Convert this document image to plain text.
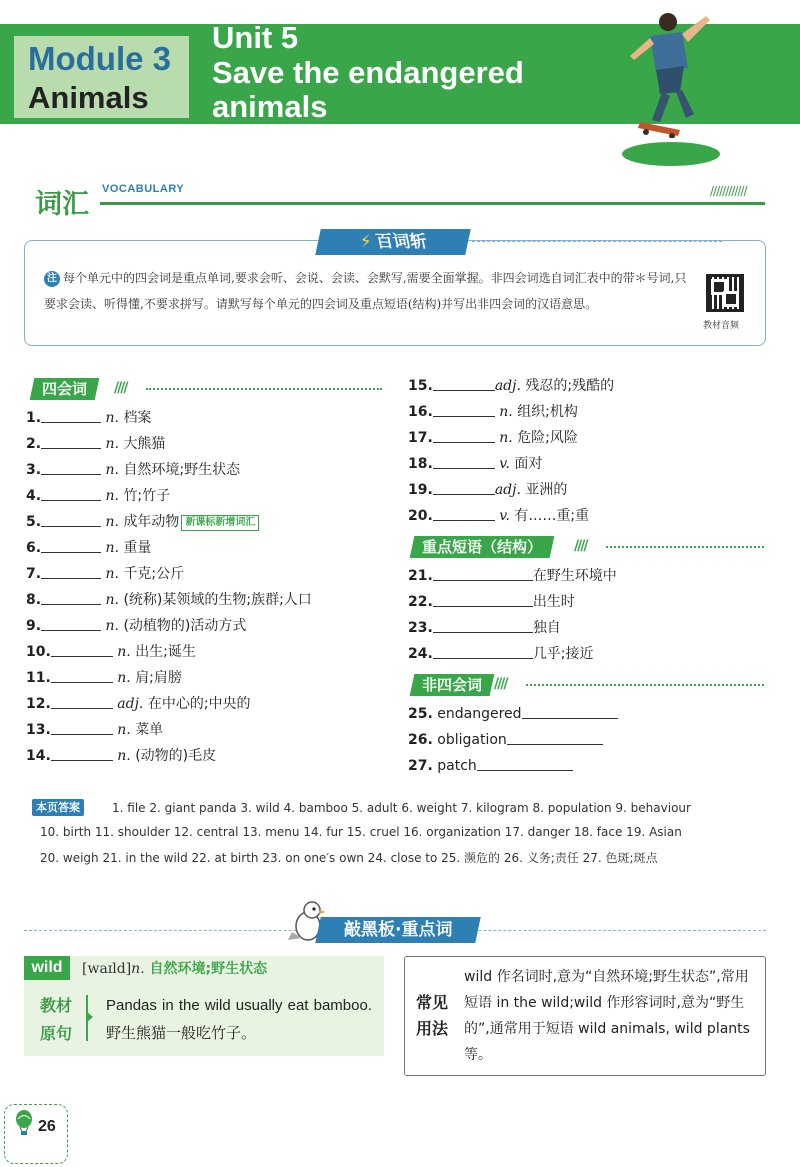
Module 3
Animals
Unit 5
Save the endangered animals
词汇 VOCABULARY	////////////
⚡百词斩
注 每个单元中的四会词是重点单词,要求会听、会说、会读、会默写,需要全面掌握。非四会词选自词汇表中的带＊号词,只要求会读、听得懂,不要求拼写。请默写每个单元的四会词及重点短语(结构)并写出非四会词的汉语意思。
教材音频
四会词	////
重点短语（结构）	////
非四会词 ////
1.	n. 档案
2.	n. 大熊猫
3.	n. 自然环境;野生状态
4.	n. 竹;竹子
5.	n. 成年动物 新课标新增词汇
6.	n. 重量
7.	n. 千克;公斤
8.	n. (统称)某领域的生物;族群;人口
9.	n. (动植物的)活动方式
10.	n. 出生;诞生
11.	n. 肩;肩膀
12.	adj. 在中心的;中央的
13.	n. 菜单
14.	n. (动物的)毛皮
15.	adj. 残忍的;残酷的
16.	n. 组织;机构
17.	n. 危险;风险
18.	v. 面对
19.	adj. 亚洲的
20.	v. 有……重;重
21.	在野生环境中
22.	出生时
23.	独自
24.	几乎;接近
25. endangered
26. obligation
27. patch
本页答案	1. file 2. giant panda 3. wild 4. bamboo 5. adult 6. weight 7. kilogram 8. population 9. behaviour
10. birth 11. shoulder 12. central 13. menu 14. fur 15. cruel 16. organization 17. danger 18. face 19. Asian
20. weigh 21. in the wild 22. at birth 23. on one′s own 24. close to 25. 濒危的 26. 义务;责任 27. 色斑;斑点
敲黑板·重点词
wild	[waɪld]n. 自然环境;野生状态
教材原句
Pandas in the wild usually eat bamboo. 野生熊猫一般吃竹子。
常见用法
wild 作名词时,意为“自然环境;野生状态”,常用短语 in the wild;wild 作形容词时,意为“野生的”,通常用于短语 wild animals, wild plants 等。
26
